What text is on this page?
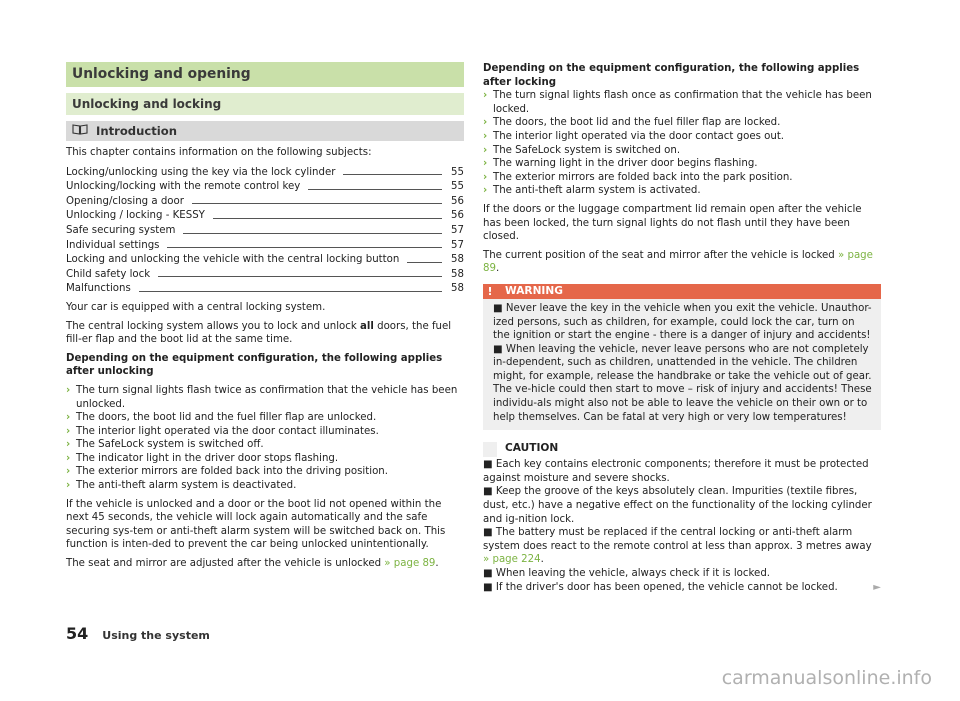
Unlocking and opening
Unlocking and locking
Introduction

This chapter contains information on the following subjects:

Locking/unlocking using the key via the lock cylinder	55
Unlocking/locking with the remote control key	55
Opening/closing a door	56
Unlocking / locking - KESSY	56
Safe securing system	57
Individual settings	57
Locking and unlocking the vehicle with the central locking button	58
Child safety lock	58
Malfunctions	58

Your car is equipped with a central locking system.

The central locking system allows you to lock and unlock all doors, the fuel fill-er flap and the boot lid at the same time.

Depending on the equipment configuration, the following applies after unlocking

› The turn signal lights flash twice as confirmation that the vehicle has been unlocked.
› The doors, the boot lid and the fuel filler flap are unlocked.
› The interior light operated via the door contact illuminates.
› The SafeLock system is switched off.
› The indicator light in the driver door stops flashing.
› The exterior mirrors are folded back into the driving position.
› The anti-theft alarm system is deactivated.

If the vehicle is unlocked and a door or the boot lid not opened within the next 45 seconds, the vehicle will lock again automatically and the safe securing sys-tem or anti-theft alarm system will be switched back on. This function is inten-ded to prevent the car being unlocked unintentionally.

The seat and mirror are adjusted after the vehicle is unlocked » page 89.

Depending on the equipment configuration, the following applies after locking

› The turn signal lights flash once as confirmation that the vehicle has been locked.
› The doors, the boot lid and the fuel filler flap are locked.
› The interior light operated via the door contact goes out.
› The SafeLock system is switched on.
› The warning light in the driver door begins flashing.
› The exterior mirrors are folded back into the park position.
› The anti-theft alarm system is activated.

If the doors or the luggage compartment lid remain open after the vehicle has been locked, the turn signal lights do not flash until they have been closed.

The current position of the seat and mirror after the vehicle is locked » page 89.

!	WARNING
■ Never leave the key in the vehicle when you exit the vehicle. Unauthor-ized persons, such as children, for example, could lock the car, turn on the ignition or start the engine - there is a danger of injury and accidents!
■ When leaving the vehicle, never leave persons who are not completely in-dependent, such as children, unattended in the vehicle. The children might, for example, release the handbrake or take the vehicle out of gear. The ve-hicle could then start to move – risk of injury and accidents! These individu-als might also not be able to leave the vehicle on their own or to help themselves. Can be fatal at very high or very low temperatures!
CAUTION
■ Each key contains electronic components; therefore it must be protected against moisture and severe shocks.
■ Keep the groove of the keys absolutely clean. Impurities (textile fibres, dust, etc.) have a negative effect on the functionality of the locking cylinder and ig-nition lock.
■ The battery must be replaced if the central locking or anti-theft alarm system does react to the remote control at less than approx. 3 metres away » page 224.
■ When leaving the vehicle, always check if it is locked.
■ If the driver's door has been opened, the vehicle cannot be locked.	►
54 Using the system
carmanualsonline.info
